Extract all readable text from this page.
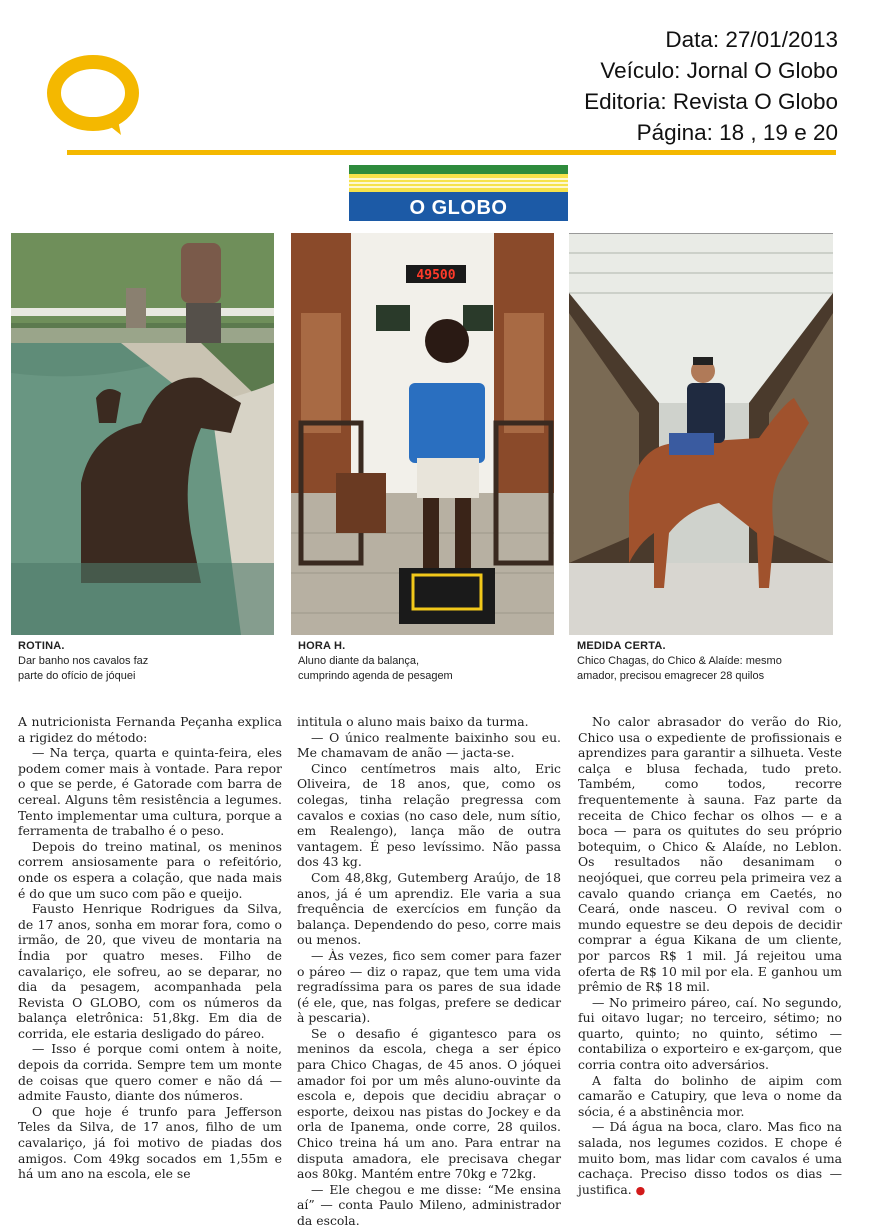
Data: 27/01/2013
Veículo: Jornal O Globo
Editoria: Revista O Globo
Página: 18 , 19 e 20
O GLOBO
49500
ROTINA.
Dar banho nos cavalos faz
parte do ofício de jóquei
HORA H.
Aluno diante da balança,
cumprindo agenda de pesagem
MEDIDA CERTA.
Chico Chagas, do Chico & Alaíde: mesmo
amador, precisou emagrecer 28 quilos

A nutricionista Fernanda Peçanha explica a rigidez do método:

— Na terça, quarta e quinta-feira, eles podem comer mais à vontade. Para repor o que se perde, é Gatorade com barra de cereal. Alguns têm resistência a legumes. Tento implementar uma cultura, porque a ferramenta de trabalho é o peso.

Depois do treino matinal, os meninos correm ansiosamente para o refeitório, onde os espera a colação, que nada mais é do que um suco com pão e queijo.

Fausto Henrique Rodrigues da Silva, de 17 anos, sonha em morar fora, como o irmão, de 20, que viveu de montaria na Índia por quatro meses. Filho de cavalariço, ele sofreu, ao se deparar, no dia da pesagem, acompanhada pela Revista O GLOBO, com os números da balança eletrônica: 51,8kg. Em dia de corrida, ele estaria desligado do páreo.

— Isso é porque comi ontem à noite, depois da corrida. Sempre tem um monte de coisas que quero comer e não dá — admite Fausto, diante dos números.

O que hoje é trunfo para Jefferson Teles da Silva, de 17 anos, filho de um cavalariço, já foi motivo de piadas dos amigos. Com 49kg socados em 1,55m e há um ano na escola, ele se

intitula o aluno mais baixo da turma.

— O único realmente baixinho sou eu. Me chamavam de anão — jacta-se.

Cinco centímetros mais alto, Eric Oliveira, de 18 anos, que, como os colegas, tinha relação pregressa com cavalos e coxias (no caso dele, num sítio, em Realengo), lança mão de outra vantagem. É peso levíssimo. Não passa dos 43 kg.

Com 48,8kg, Gutemberg Araújo, de 18 anos, já é um aprendiz. Ele varia a sua frequência de exercícios em função da balança. Dependendo do peso, corre mais ou menos.

— Às vezes, fico sem comer para fazer o páreo — diz o rapaz, que tem uma vida regradíssima para os pares de sua idade (é ele, que, nas folgas, prefere se dedicar à pescaria).

Se o desafio é gigantesco para os meninos da escola, chega a ser épico para Chico Chagas, de 45 anos. O jóquei amador foi por um mês aluno-ouvinte da escola e, depois que decidiu abraçar o esporte, deixou nas pistas do Jockey e da orla de Ipanema, onde corre, 28 quilos. Chico treina há um ano. Para entrar na disputa amadora, ele precisava chegar aos 80kg. Mantém entre 70kg e 72kg.

— Ele chegou e me disse: “Me ensina aí” — conta Paulo Mileno, administrador da escola.

No calor abrasador do verão do Rio, Chico usa o expediente de profissionais e aprendizes para garantir a silhueta. Veste calça e blusa fechada, tudo preto. Também, como todos, recorre frequentemente à sauna. Faz parte da receita de Chico fechar os olhos — e a boca — para os quitutes do seu próprio botequim, o Chico & Alaíde, no Leblon. Os resultados não desanimam o neojóquei, que correu pela primeira vez a cavalo quando criança em Caetés, no Ceará, onde nasceu. O revival com o mundo equestre se deu depois de decidir comprar a égua Kikana de um cliente, por parcos R$ 1 mil. Já rejeitou uma oferta de R$ 10 mil por ela. E ganhou um prêmio de R$ 18 mil.

— No primeiro páreo, caí. No segundo, fui oitavo lugar; no terceiro, sétimo; no quarto, quinto; no quinto, sétimo — contabiliza o exporteiro e ex-garçom, que corria contra oito adversários.

A falta do bolinho de aipim com camarão e Catupiry, que leva o nome da sócia, é a abstinência mor.

— Dá água na boca, claro. Mas fico na salada, nos legumes cozidos. E chope é muito bom, mas lidar com cavalos é uma cachaça. Preciso disso todos os dias — justifica. ●
